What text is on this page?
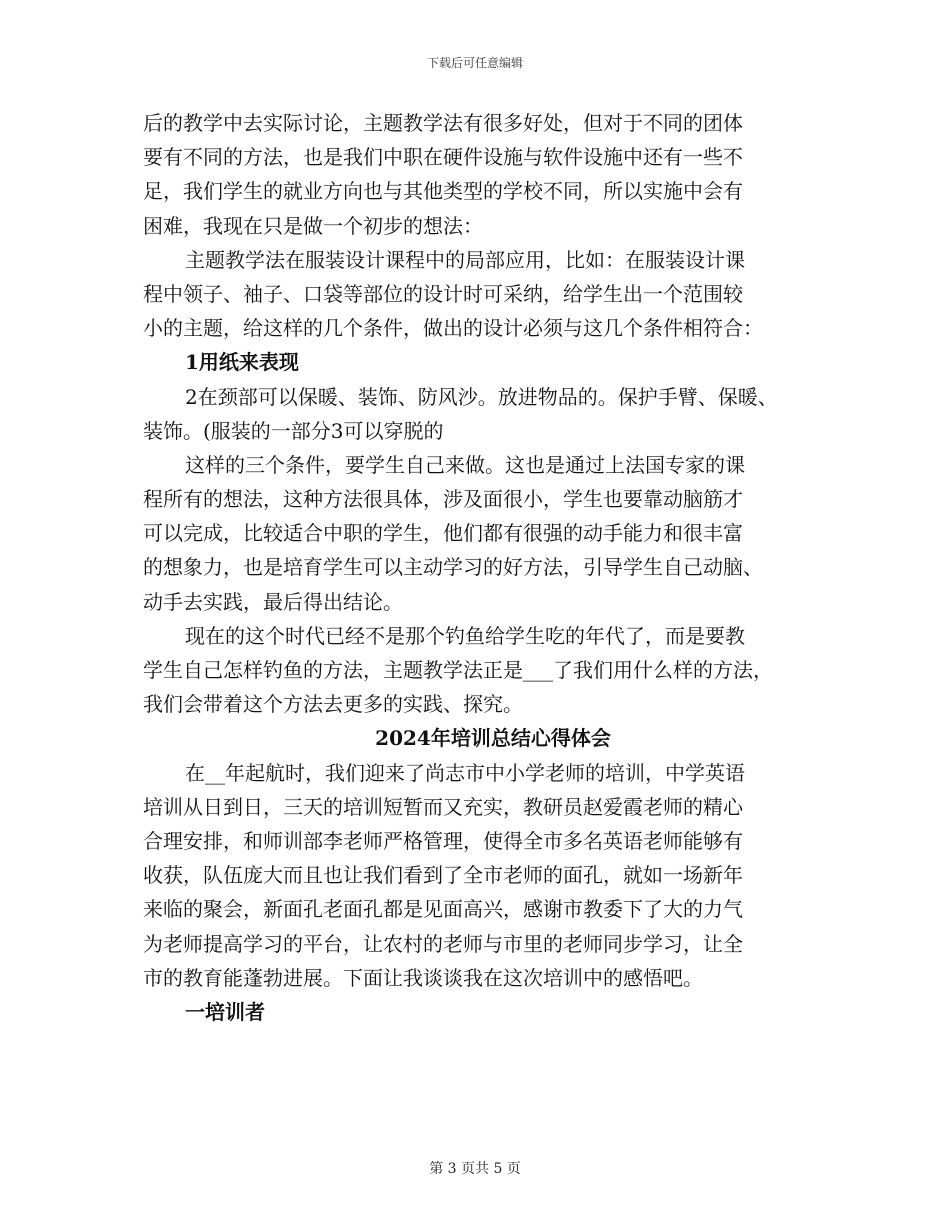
下载后可任意编辑
后的教学中去实际讨论，主题教学法有很多好处，但对于不同的团体
要有不同的方法，也是我们中职在硬件设施与软件设施中还有一些不
足，我们学生的就业方向也与其他类型的学校不同，所以实施中会有
困难，我现在只是做一个初步的想法：
主题教学法在服装设计课程中的局部应用，比如：在服装设计课
程中领子、袖子、口袋等部位的设计时可采纳，给学生出一个范围较
小的主题，给这样的几个条件，做出的设计必须与这几个条件相符合：
1用纸来表现
2在颈部可以保暖、装饰、防风沙。放进物品的。保护手臂、保暖、
装饰。(服装的一部分3可以穿脱的
这样的三个条件，要学生自己来做。这也是通过上法国专家的课
程所有的想法，这种方法很具体，涉及面很小，学生也要靠动脑筋才
可以完成，比较适合中职的学生，他们都有很强的动手能力和很丰富
的想象力，也是培育学生可以主动学习的好方法，引导学生自己动脑、
动手去实践，最后得出结论。
现在的这个时代已经不是那个钓鱼给学生吃的年代了，而是要教
学生自己怎样钓鱼的方法，主题教学法正是___了我们用什么样的方法，
我们会带着这个方法去更多的实践、探究。
2024年培训总结心得体会
在__年起航时，我们迎来了尚志市中小学老师的培训，中学英语
培训从日到日，三天的培训短暂而又充实，教研员赵爱霞老师的精心
合理安排，和师训部李老师严格管理，使得全市多名英语老师能够有
收获，队伍庞大而且也让我们看到了全市老师的面孔，就如一场新年
来临的聚会，新面孔老面孔都是见面高兴，感谢市教委下了大的力气
为老师提高学习的平台，让农村的老师与市里的老师同步学习，让全
市的教育能蓬勃进展。下面让我谈谈我在这次培训中的感悟吧。
一培训者
第 3 页共 5 页
